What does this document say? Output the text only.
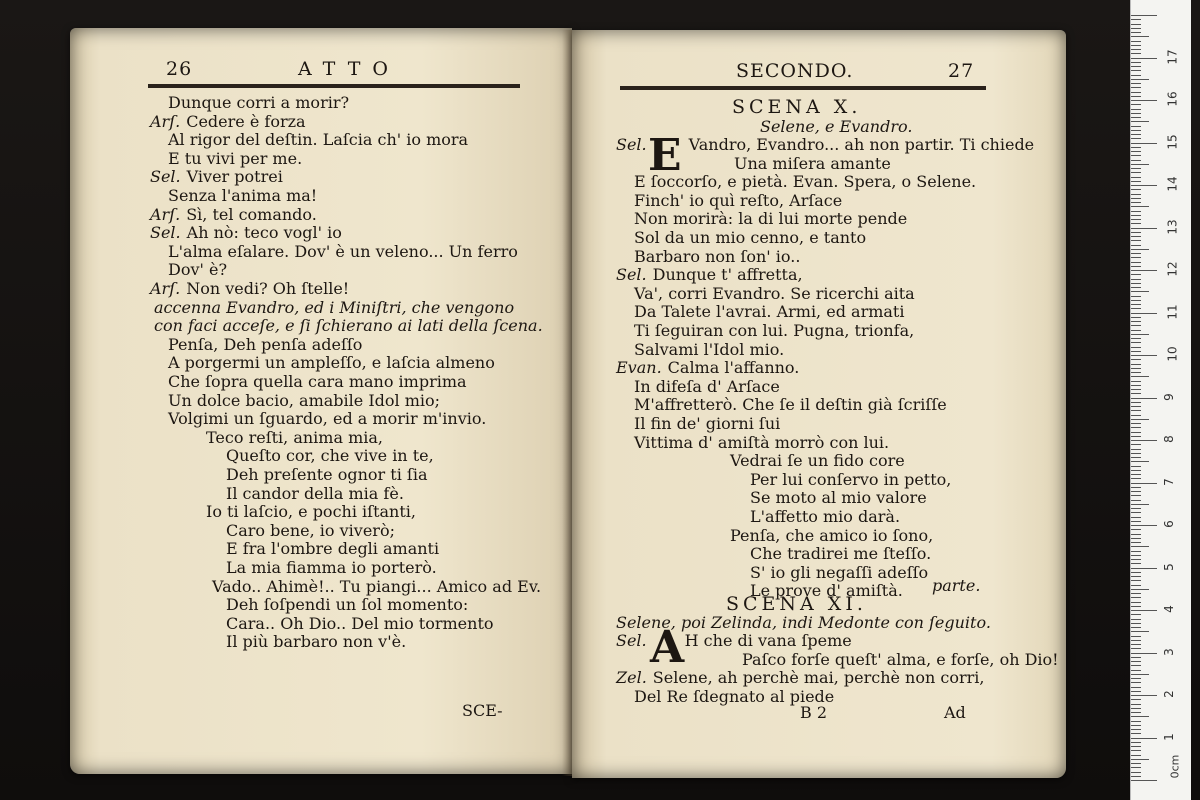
26	ATTO
Dunque corri a morir?
Arſ. Cedere è forza
Al rigor del deſtin. Laſcia ch' io mora
E tu vivi per me.
Sel. Viver potrei
Senza l'anima ma!
Arſ. Sì, tel comando.
Sel. Ah nò: teco vogl' io
L'alma eſalare. Dov' è un veleno... Un ferro
Dov' è?
Arſ. Non vedi? Oh ſtelle!
accenna Evandro, ed i Miniſtri, che vengono
con faci acceſe, e ſi ſchierano ai lati della ſcena.
Penſa, Deh penſa adeſſo
A porgermi un ampleſſo, e laſcia almeno
Che ſopra quella cara mano imprima
Un dolce bacio, amabile Idol mio;
Volgimi un ſguardo, ed a morir m'invio.
Teco reſti, anima mia,
Queſto cor, che vive in te,
Deh preſente ognor ti ſia
Il candor della mia fè.
Io ti laſcio, e pochi iſtanti,
Caro bene, io viverò;
E fra l'ombre degli amanti
La mia fiamma io porterò.
Vado.. Ahimè!.. Tu piangi... Amico ad Ev.
Deh ſoſpendi un ſol momento:
Cara.. Oh Dio.. Del mio tormento
Il più barbaro non v'è.
SCE-
SECONDO.	27
SCENA X.
Selene, e Evandro.
E
Sel.	Vandro, Evandro... ah non partir. Ti chiede
Una miſera amante
E ſoccorſo, e pietà. Evan. Spera, o Selene.
Finch' io quì reſto, Arſace
Non morirà: la di lui morte pende
Sol da un mio cenno, e tanto
Barbaro non ſon' io..
Sel. Dunque t' affretta,
Va', corri Evandro. Se ricerchi aita
Da Talete l'avrai. Armi, ed armati
Ti ſeguiran con lui. Pugna, trionfa,
Salvami l'Idol mio.
Evan. Calma l'affanno.
In difeſa d' Arſace
M'affretterò. Che ſe il deſtin già ſcriſſe
Il fin de' giorni ſui
Vittima d' amiſtà morrò con lui.
Vedrai ſe un fido core
Per lui conſervo in petto,
Se moto al mio valore
L'affetto mio darà.
Penſa, che amico io ſono,
Che tradirei me ſteſſo.
S' io gli negaſſi adeſſo
Le prove d' amiſtà. parte.
SCENA XI.
Selene, poi Zelinda, indi Medonte con ſeguito.
A
Sel. H che di vana ſpeme
Paſco forſe queſt' alma, e forſe, oh Dio!
Zel. Selene, ah perchè mai, perchè non corri,
Del Re ſdegnato al piede
B 2	Ad
1
2
3
4
5
6
7
8
9
10
11
12
13
14
15
16
17
0cm
